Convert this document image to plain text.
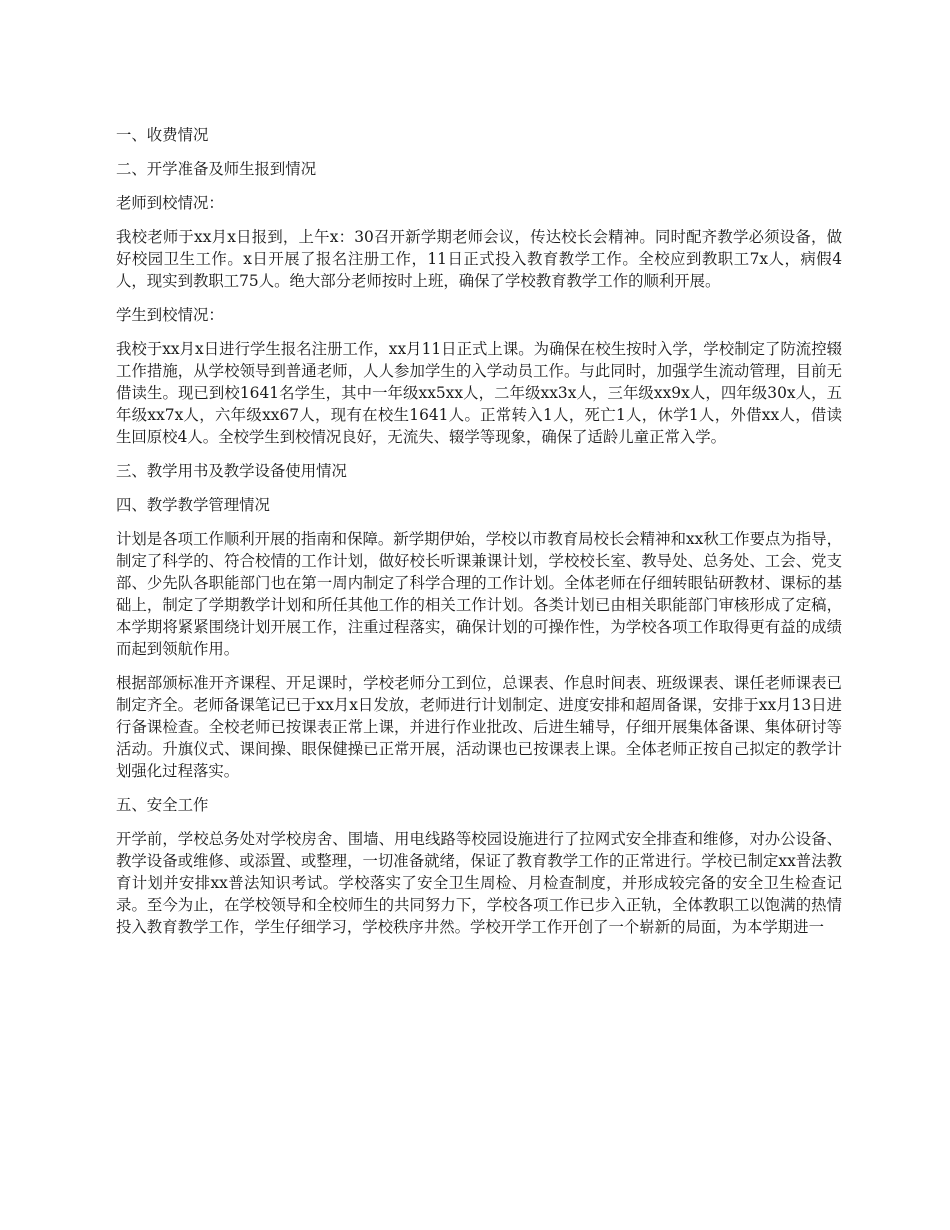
一、收费情况

二、开学准备及师生报到情况

老师到校情况：

我校老师于xx月x日报到，上午x：30召开新学期老师会议，传达校长会精神。同时配齐教学必须设备，做好校园卫生工作。x日开展了报名注册工作，11日正式投入教育教学工作。全校应到教职工7x人，病假4人，现实到教职工75人。绝大部分老师按时上班，确保了学校教育教学工作的顺利开展。

学生到校情况：

我校于xx月x日进行学生报名注册工作，xx月11日正式上课。为确保在校生按时入学，学校制定了防流控辍工作措施，从学校领导到普通老师，人人参加学生的入学动员工作。与此同时，加强学生流动管理，目前无借读生。现已到校1641名学生，其中一年级xx5xx人，二年级xx3x人，三年级xx9x人，四年级30x人，五年级xx7x人，六年级xx67人，现有在校生1641人。正常转入1人，死亡1人，休学1人，外借xx人，借读生回原校4人。全校学生到校情况良好，无流失、辍学等现象，确保了适龄儿童正常入学。

三、教学用书及教学设备使用情况

四、教学教学管理情况

计划是各项工作顺利开展的指南和保障。新学期伊始，学校以市教育局校长会精神和xx秋工作要点为指导，制定了科学的、符合校情的工作计划，做好校长听课兼课计划，学校校长室、教导处、总务处、工会、党支部、少先队各职能部门也在第一周内制定了科学合理的工作计划。全体老师在仔细转眼钻研教材、课标的基础上，制定了学期教学计划和所任其他工作的相关工作计划。各类计划已由相关职能部门审核形成了定稿，本学期将紧紧围绕计划开展工作，注重过程落实，确保计划的可操作性，为学校各项工作取得更有益的成绩而起到领航作用。

根据部颁标准开齐课程、开足课时，学校老师分工到位，总课表、作息时间表、班级课表、课任老师课表已制定齐全。老师备课笔记已于xx月x日发放，老师进行计划制定、进度安排和超周备课，安排于xx月13日进行备课检查。全校老师已按课表正常上课，并进行作业批改、后进生辅导，仔细开展集体备课、集体研讨等活动。升旗仪式、课间操、眼保健操已正常开展，活动课也已按课表上课。全体老师正按自己拟定的教学计划强化过程落实。

五、安全工作

开学前，学校总务处对学校房舍、围墙、用电线路等校园设施进行了拉网式安全排查和维修，对办公设备、教学设备或维修、或添置、或整理，一切准备就绪，保证了教育教学工作的正常进行。学校已制定xx普法教育计划并安排xx普法知识考试。学校落实了安全卫生周检、月检查制度，并形成较完备的安全卫生检查记录。至今为止，在学校领导和全校师生的共同努力下，学校各项工作已步入正轨，全体教职工以饱满的热情投入教育教学工作，学生仔细学习，学校秩序井然。学校开学工作开创了一个崭新的局面，为本学期进一
